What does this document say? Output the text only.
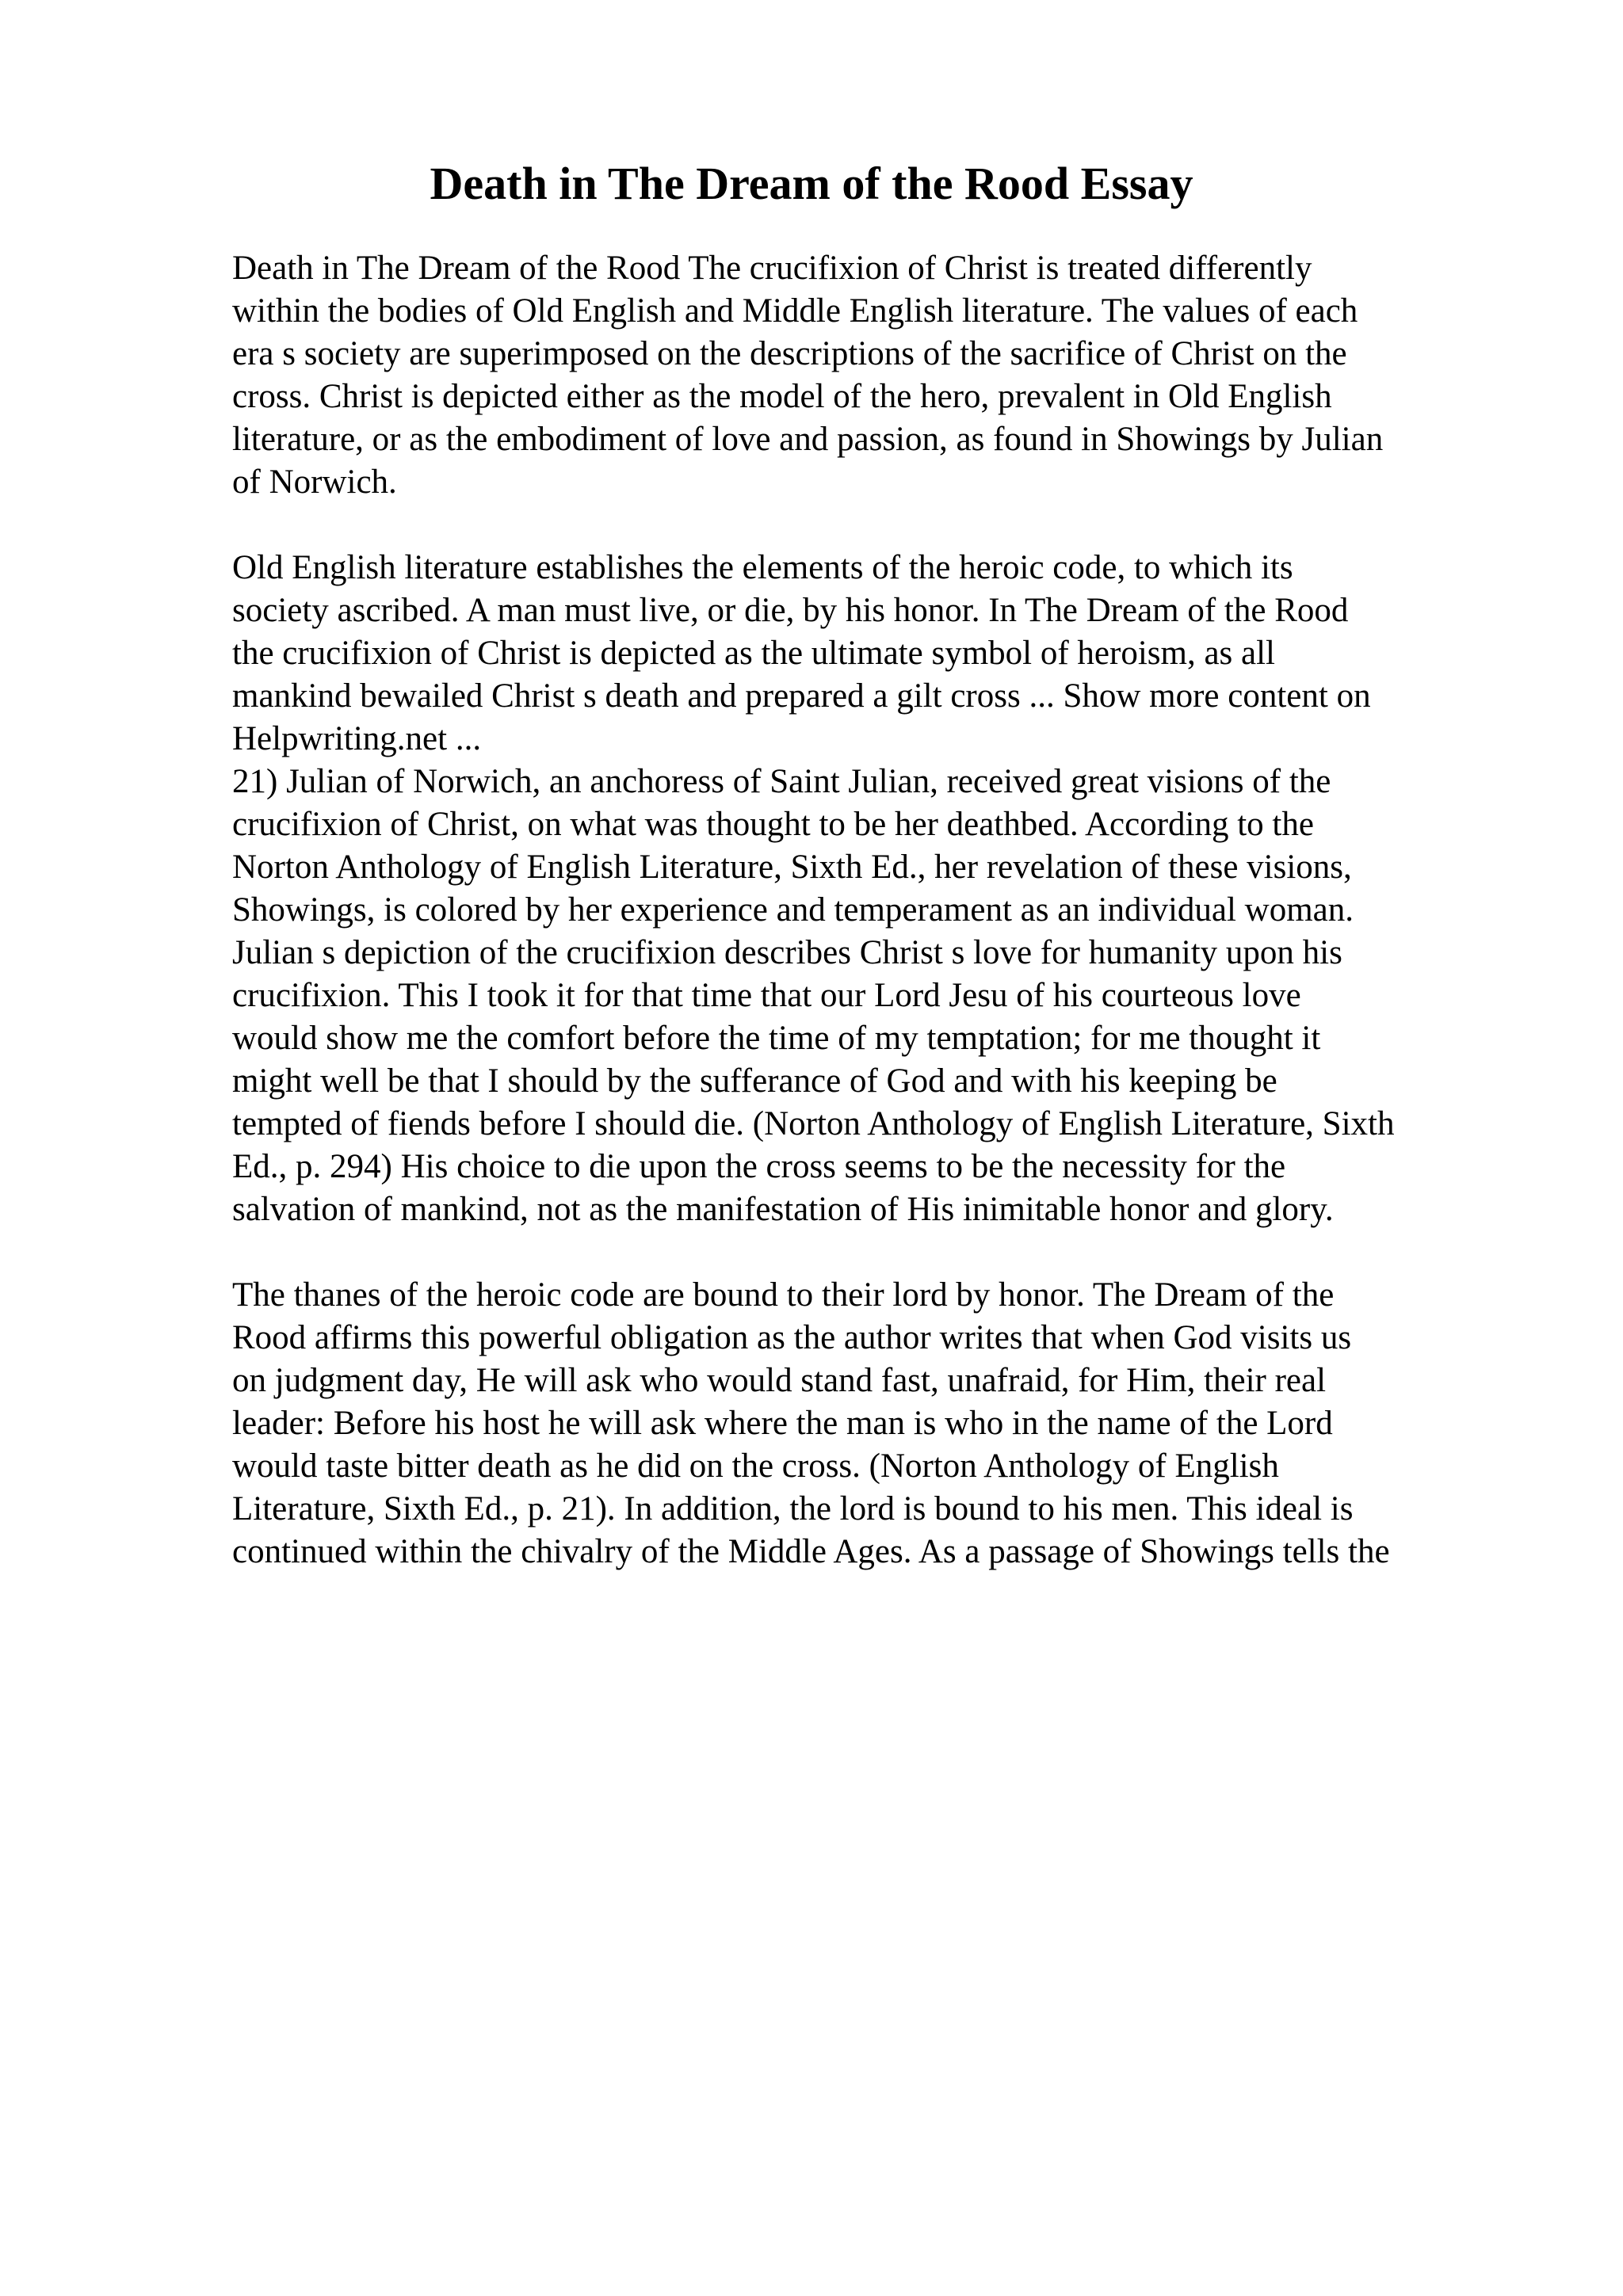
Death in The Dream of the Rood Essay

Death in The Dream of the Rood The crucifixion of Christ is treated differently
within the bodies of Old English and Middle English literature. The values of each
era s society are superimposed on the descriptions of the sacrifice of Christ on the
cross. Christ is depicted either as the model of the hero, prevalent in Old English
literature, or as the embodiment of love and passion, as found in Showings by Julian
of Norwich.

Old English literature establishes the elements of the heroic code, to which its
society ascribed. A man must live, or die, by his honor. In The Dream of the Rood
the crucifixion of Christ is depicted as the ultimate symbol of heroism, as all
mankind bewailed Christ s death and prepared a gilt cross ... Show more content on
Helpwriting.net ...

21) Julian of Norwich, an anchoress of Saint Julian, received great visions of the
crucifixion of Christ, on what was thought to be her deathbed. According to the
Norton Anthology of English Literature, Sixth Ed., her revelation of these visions,
Showings, is colored by her experience and temperament as an individual woman.
Julian s depiction of the crucifixion describes Christ s love for humanity upon his
crucifixion. This I took it for that time that our Lord Jesu of his courteous love
would show me the comfort before the time of my temptation; for me thought it
might well be that I should by the sufferance of God and with his keeping be
tempted of fiends before I should die. (Norton Anthology of English Literature, Sixth
Ed., p. 294) His choice to die upon the cross seems to be the necessity for the
salvation of mankind, not as the manifestation of His inimitable honor and glory.

The thanes of the heroic code are bound to their lord by honor. The Dream of the
Rood affirms this powerful obligation as the author writes that when God visits us
on judgment day, He will ask who would stand fast, unafraid, for Him, their real
leader: Before his host he will ask where the man is who in the name of the Lord
would taste bitter death as he did on the cross. (Norton Anthology of English
Literature, Sixth Ed., p. 21). In addition, the lord is bound to his men. This ideal is
continued within the chivalry of the Middle Ages. As a passage of Showings tells the
